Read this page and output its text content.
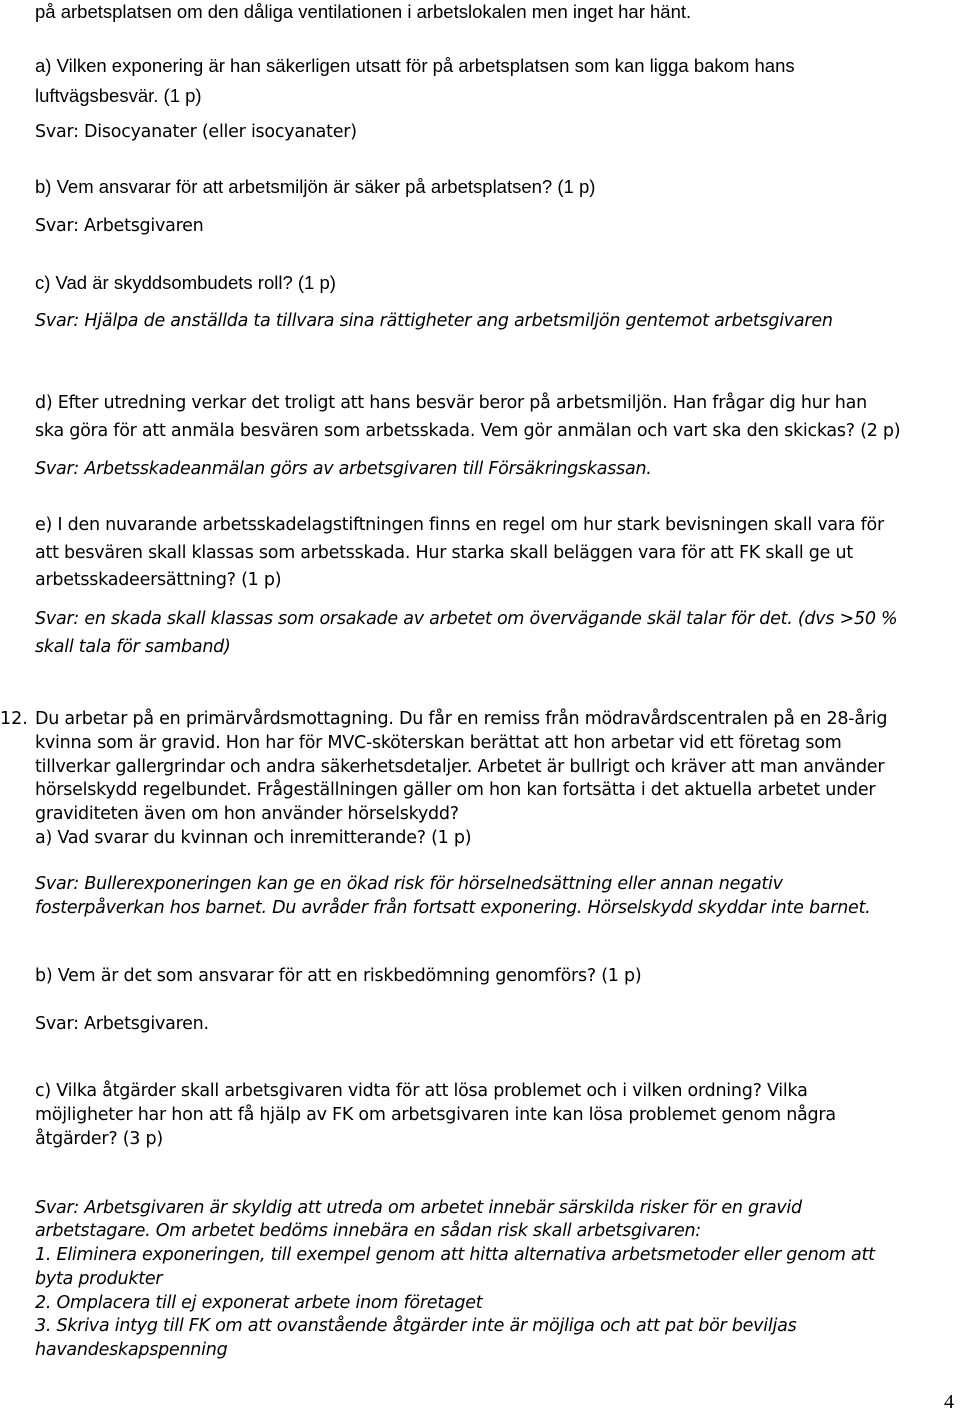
på arbetsplatsen om den dåliga ventilationen i arbetslokalen men inget har hänt.
a) Vilken exponering är han säkerligen utsatt för på arbetsplatsen som kan ligga bakom hans
luftvägsbesvär. (1 p)
Svar: Disocyanater (eller isocyanater)
b) Vem ansvarar för att arbetsmiljön är säker på arbetsplatsen? (1 p)
Svar: Arbetsgivaren
c) Vad är skyddsombudets roll? (1 p)
Svar: Hjälpa de anställda ta tillvara sina rättigheter ang arbetsmiljön gentemot arbetsgivaren
d) Efter utredning verkar det troligt att hans besvär beror på arbetsmiljön. Han frågar dig hur han
ska göra för att anmäla besvären som arbetsskada. Vem gör anmälan och vart ska den skickas? (2 p)
Svar: Arbetsskadeanmälan görs av arbetsgivaren till Försäkringskassan.
e) I den nuvarande arbetsskadelagstiftningen finns en regel om hur stark bevisningen skall vara för
att besvären skall klassas som arbetsskada. Hur starka skall beläggen vara för att FK skall ge ut
arbetsskadeersättning? (1 p)
Svar: en skada skall klassas som orsakade av arbetet om övervägande skäl talar för det. (dvs >50 %
skall tala för samband)
12. Du arbetar på en primärvårdsmottagning. Du får en remiss från mödravårdscentralen på en 28-årig
kvinna som är gravid. Hon har för MVC-sköterskan berättat att hon arbetar vid ett företag som
tillverkar gallergrindar och andra säkerhetsdetaljer. Arbetet är bullrigt och kräver att man använder
hörselskydd regelbundet. Frågeställningen gäller om hon kan fortsätta i det aktuella arbetet under
graviditeten även om hon använder hörselskydd?
a) Vad svarar du kvinnan och inremitterande? (1 p)
Svar: Bullerexponeringen kan ge en ökad risk för hörselnedsättning eller annan negativ
fosterpåverkan hos barnet. Du avråder från fortsatt exponering. Hörselskydd skyddar inte barnet.
b) Vem är det som ansvarar för att en riskbedömning genomförs? (1 p)
Svar: Arbetsgivaren.
c) Vilka åtgärder skall arbetsgivaren vidta för att lösa problemet och i vilken ordning? Vilka
möjligheter har hon att få hjälp av FK om arbetsgivaren inte kan lösa problemet genom några
åtgärder? (3 p)
Svar: Arbetsgivaren är skyldig att utreda om arbetet innebär särskilda risker för en gravid
arbetstagare. Om arbetet bedöms innebära en sådan risk skall arbetsgivaren:
1. Eliminera exponeringen, till exempel genom att hitta alternativa arbetsmetoder eller genom att
byta produkter
2. Omplacera till ej exponerat arbete inom företaget
3. Skriva intyg till FK om att ovanstående åtgärder inte är möjliga och att pat bör beviljas
havandeskapspenning
4
